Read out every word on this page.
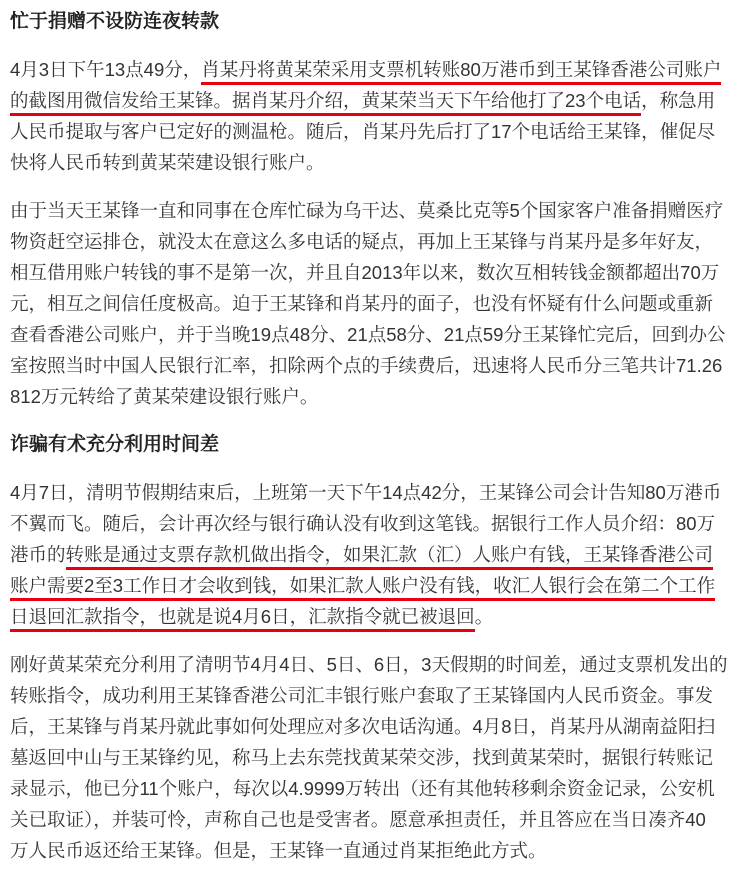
忙于捐赠不设防连夜转款
4月3日下午13点49分，肖某丹将黄某荣采用支票机转账80万港币到王某锋香港公司账户
的截图用微信发给王某锋。据肖某丹介绍，黄某荣当天下午给他打了23个电话，称急用
人民币提取与客户已定好的测温枪。随后，肖某丹先后打了17个电话给王某锋，催促尽
快将人民币转到黄某荣建设银行账户。
由于当天王某锋一直和同事在仓库忙碌为乌干达、莫桑比克等5个国家客户准备捐赠医疗
物资赶空运排仓，就没太在意这么多电话的疑点，再加上王某锋与肖某丹是多年好友，
相互借用账户转钱的事不是第一次，并且自2013年以来，数次互相转钱金额都超出70万
元，相互之间信任度极高。迫于王某锋和肖某丹的面子，也没有怀疑有什么问题或重新
查看香港公司账户，并于当晚19点48分、21点58分、21点59分王某锋忙完后，回到办公
室按照当时中国人民银行汇率，扣除两个点的手续费后，迅速将人民币分三笔共计71.26
812万元转给了黄某荣建设银行账户。
诈骗有术充分利用时间差
4月7日，清明节假期结束后，上班第一天下午14点42分，王某锋公司会计告知80万港币
不翼而飞。随后，会计再次经与银行确认没有收到这笔钱。据银行工作人员介绍：80万
港币的转账是通过支票存款机做出指令，如果汇款（汇）人账户有钱，王某锋香港公司
账户需要2至3工作日才会收到钱，如果汇款人账户没有钱，收汇人银行会在第二个工作
日退回汇款指令，也就是说4月6日，汇款指令就已被退回。
刚好黄某荣充分利用了清明节4月4日、5日、6日，3天假期的时间差，通过支票机发出的
转账指令，成功利用王某锋香港公司汇丰银行账户套取了王某锋国内人民币资金。事发
后，王某锋与肖某丹就此事如何处理应对多次电话沟通。4月8日，肖某丹从湖南益阳扫
墓返回中山与王某锋约见，称马上去东莞找黄某荣交涉，找到黄某荣时，据银行转账记
录显示，他已分11个账户，每次以4.9999万转出（还有其他转移剩余资金记录，公安机
关已取证），并装可怜，声称自己也是受害者。愿意承担责任，并且答应在当日凑齐40
万人民币返还给王某锋。但是，王某锋一直通过肖某拒绝此方式。
